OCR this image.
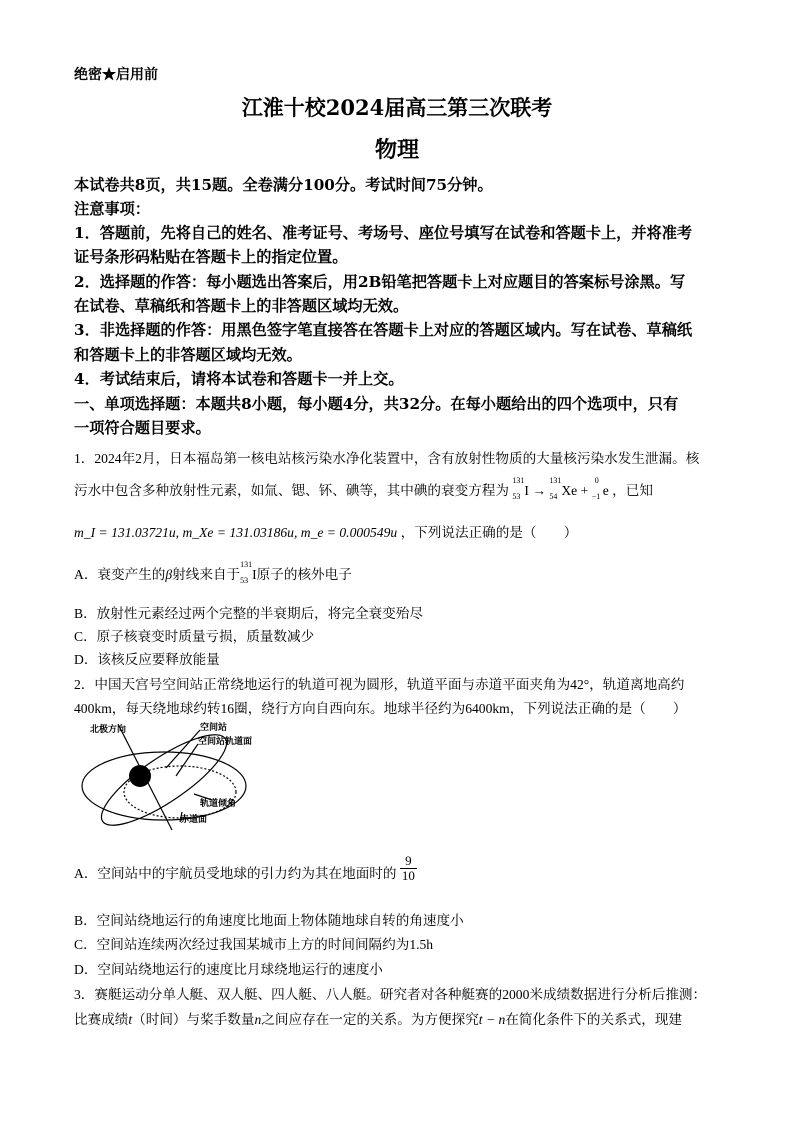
绝密★启用前
江淮十校2024届高三第三次联考
物理
本试卷共8页，共15题。全卷满分100分。考试时间75分钟。
注意事项：
1．答题前，先将自己的姓名、准考证号、考场号、座位号填写在试卷和答题卡上，并将准考
证号条形码粘贴在答题卡上的指定位置。
2．选择题的作答：每小题选出答案后，用2B铅笔把答题卡上对应题目的答案标号涂黑。写
在试卷、草稿纸和答题卡上的非答题区域均无效。
3．非选择题的作答：用黑色签字笔直接答在答题卡上对应的答题区域内。写在试卷、草稿纸
和答题卡上的非答题区域均无效。
4．考试结束后，请将本试卷和答题卡一并上交。
一、单项选择题：本题共8小题，每小题4分，共32分。在每小题给出的四个选项中，只有
一项符合题目要求。
1．2024年2月，日本福岛第一核电站核污染水净化装置中，含有放射性物质的大量核污染水发生泄漏。核
污水中包含多种放射性元素，如氚、锶、钚、碘等，其中碘的衰变方程为
131
53 I →
131
54 Xe +
0
−1 e ，已知
m_I = 131.03721u, m_Xe = 131.03186u, m_e = 0.000549u ，下列说法正确的是（　　）
A．衰变产生的β射线来自于
131
53 I原子的核外电子
B．放射性元素经过两个完整的半衰期后，将完全衰变殆尽
C．原子核衰变时质量亏损，质量数减少
D．该核反应要释放能量
2．中国天宫号空间站正常绕地运行的轨道可视为圆形，轨道平面与赤道平面夹角为42°，轨道离地高约
400km，每天绕地球约转16圈，绕行方向自西向东。地球半径约为6400km，下列说法正确的是（　　）
北极方向	空间站
空间站轨道面
轨道倾角
赤道面
A．空间站中的宇航员受地球的引力约为其在地面时的 $\frac{9}{10}$
B．空间站绕地运行的角速度比地面上物体随地球自转的角速度小
C．空间站连续两次经过我国某城市上方的时间间隔约为1.5h
D．空间站绕地运行的速度比月球绕地运行的速度小
3．赛艇运动分单人艇、双人艇、四人艇、八人艇。研究者对各种艇赛的2000米成绩数据进行分析后推测：
比赛成绩t（时间）与桨手数量n之间应存在一定的关系。为方便探究t − n在简化条件下的关系式，现建
